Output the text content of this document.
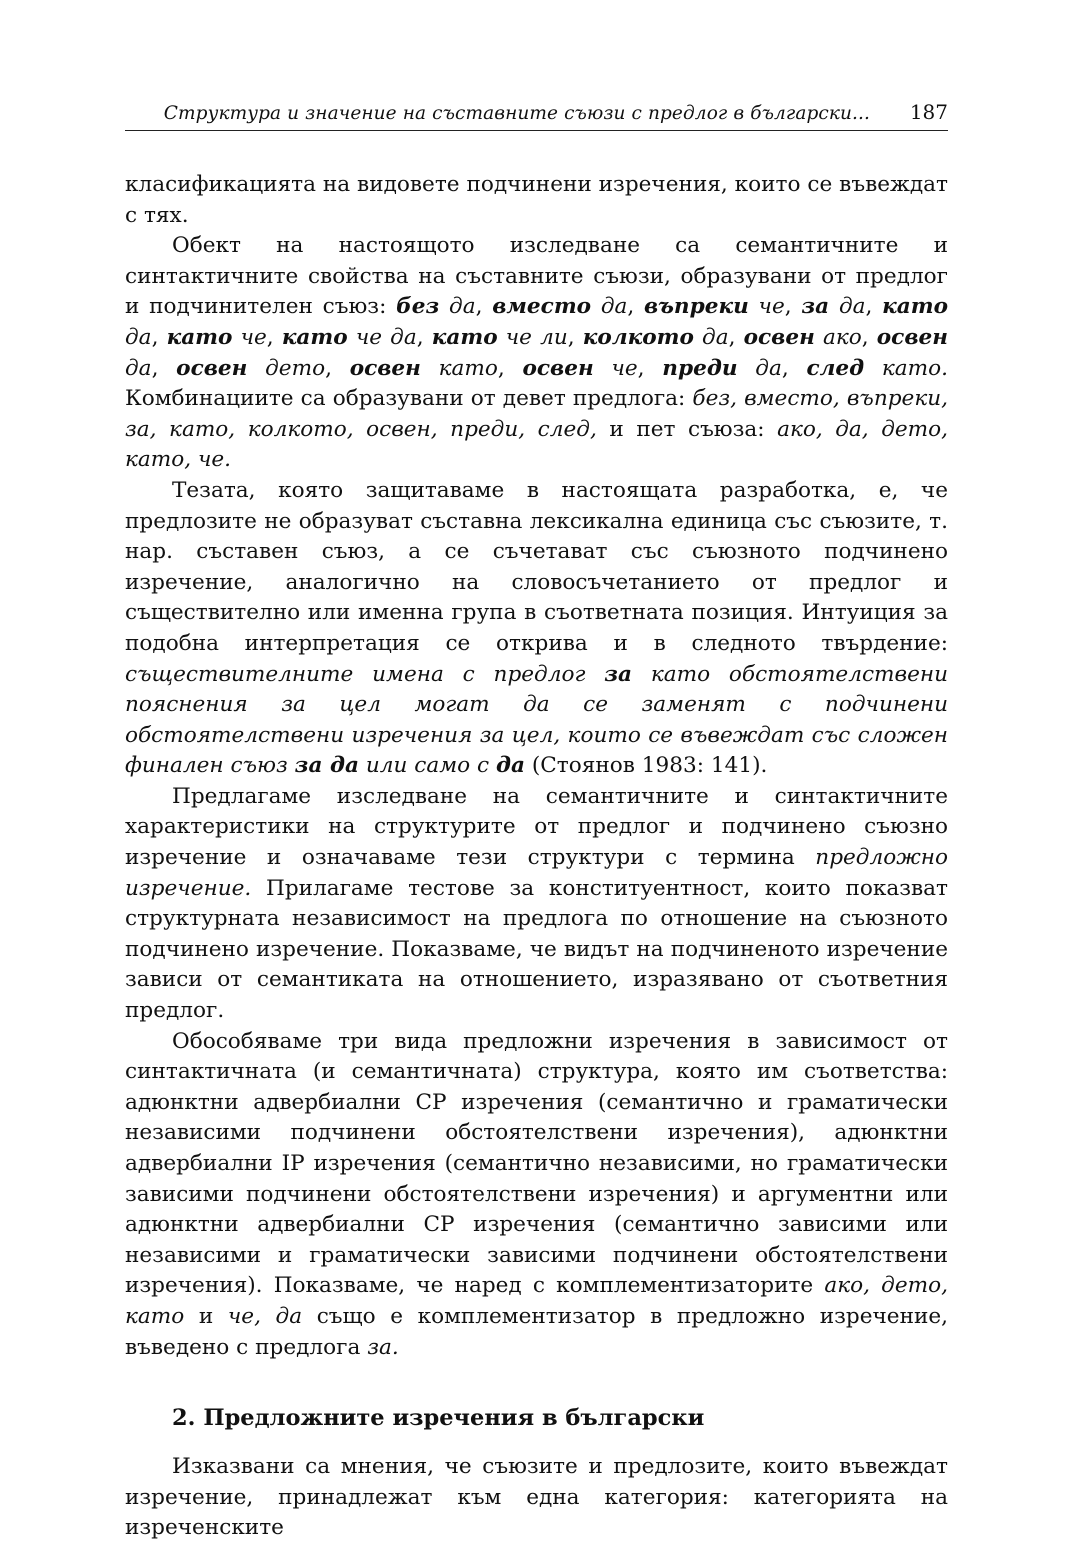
Структура и значение на съставните съюзи с предлог в български... 187

класификацията на видовете подчинени изречения, които се въвеждат с тях.

Обект на настоящото изследване са семантичните и синтактичните свойства на съставните съюзи, образувани от предлог и подчинителен съюз: без да, вместо да, въпреки че, за да, като да, като че, като че да, като че ли, колкото да, освен ако, освен да, освен дето, освен като, освен че, преди да, след като. Комбинациите са образувани от девет предлога: без, вместо, въпреки, за, като, колкото, освен, преди, след, и пет съюза: ако, да, дето, като, че.

Тезата, която защитаваме в настоящата разработка, е, че предлозите не образуват съставна лексикална единица със съюзите, т. нар. съставен съюз, а се съчетават със съюзното подчинено изречение, аналогично на словосъчетанието от предлог и съществително или именна група в съответната позиция. Интуиция за подобна интерпретация се открива и в следното твърдение: съществителните имена с предлог за като обстоятелствени пояснения за цел могат да се заменят с подчинени обстоятелствени изречения за цел, които се въвеждат със сложен финален съюз за да или само с да (Стоянов 1983: 141).

Предлагаме изследване на семантичните и синтактичните характеристики на структурите от предлог и подчинено съюзно изречение и означаваме тези структури с термина предложно изречение. Прилагаме тестове за конституентност, които показват структурната независимост на предлога по отношение на съюзното подчинено изречение. Показваме, че видът на подчиненото изречение зависи от семантиката на отношението, изразявано от съответния предлог.

Обособяваме три вида предложни изречения в зависимост от синтактичната (и семантичната) структура, която им съответства: адюнктни адвербиални CP изречения (семантично и граматически независими подчинени обстоятелствени изречения), адюнктни адвербиални IP изречения (семантично независими, но граматически зависими подчинени обстоятелствени изречения) и аргументни или адюнктни адвербиални CP изречения (семантично зависими или независими и граматически зависими подчинени обстоятелствени изречения). Показваме, че наред с комплементизаторите ако, дето, като и че, да също е комплементизатор в предложно изречение, въведено с предлога за.

2. Предложните изречения в български

Изказвани са мнения, че съюзите и предлозите, които въвеждат изречение, принадлежат към една категория: категорията на изреченските
